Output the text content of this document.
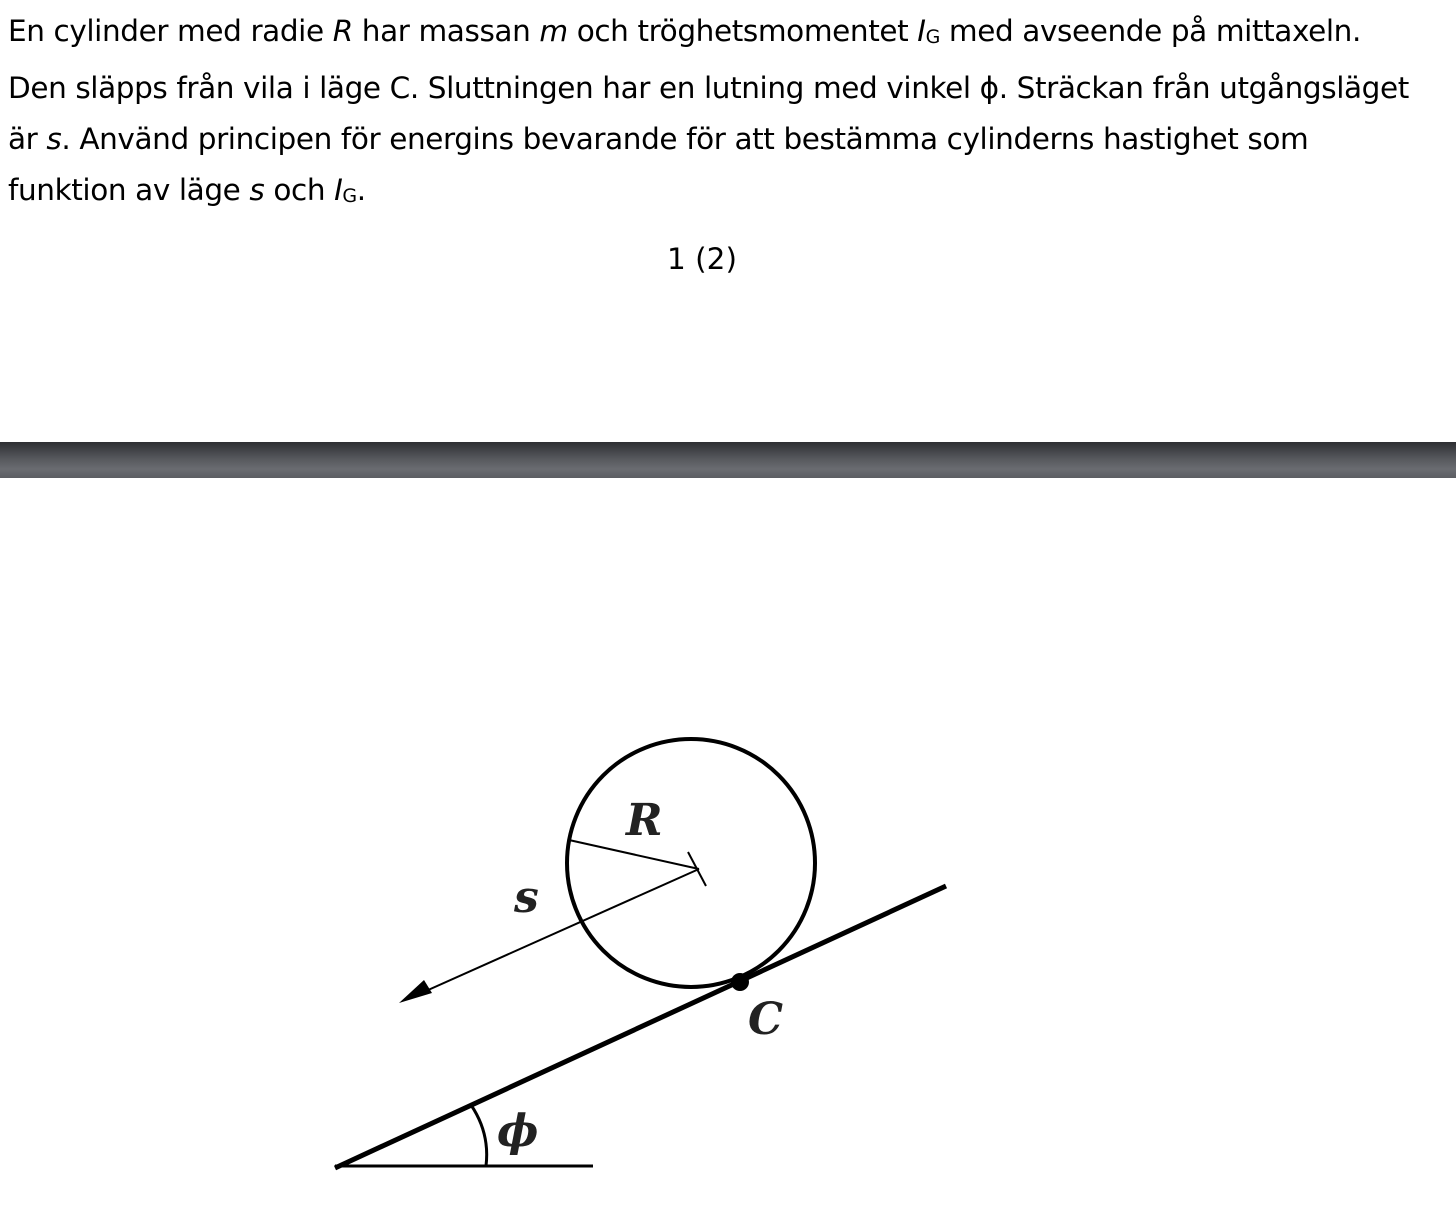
En cylinder med radie R har massan m och tröghetsmomentet IG med avseende på mittaxeln.
Den släpps från vila i läge C. Sluttningen har en lutning med vinkel ϕ. Sträckan från utgångsläget
är s. Använd principen för energins bevarande för att bestämma cylinderns hastighet som
funktion av läge s och IG.

1 (2)
R
s
C
ϕ
